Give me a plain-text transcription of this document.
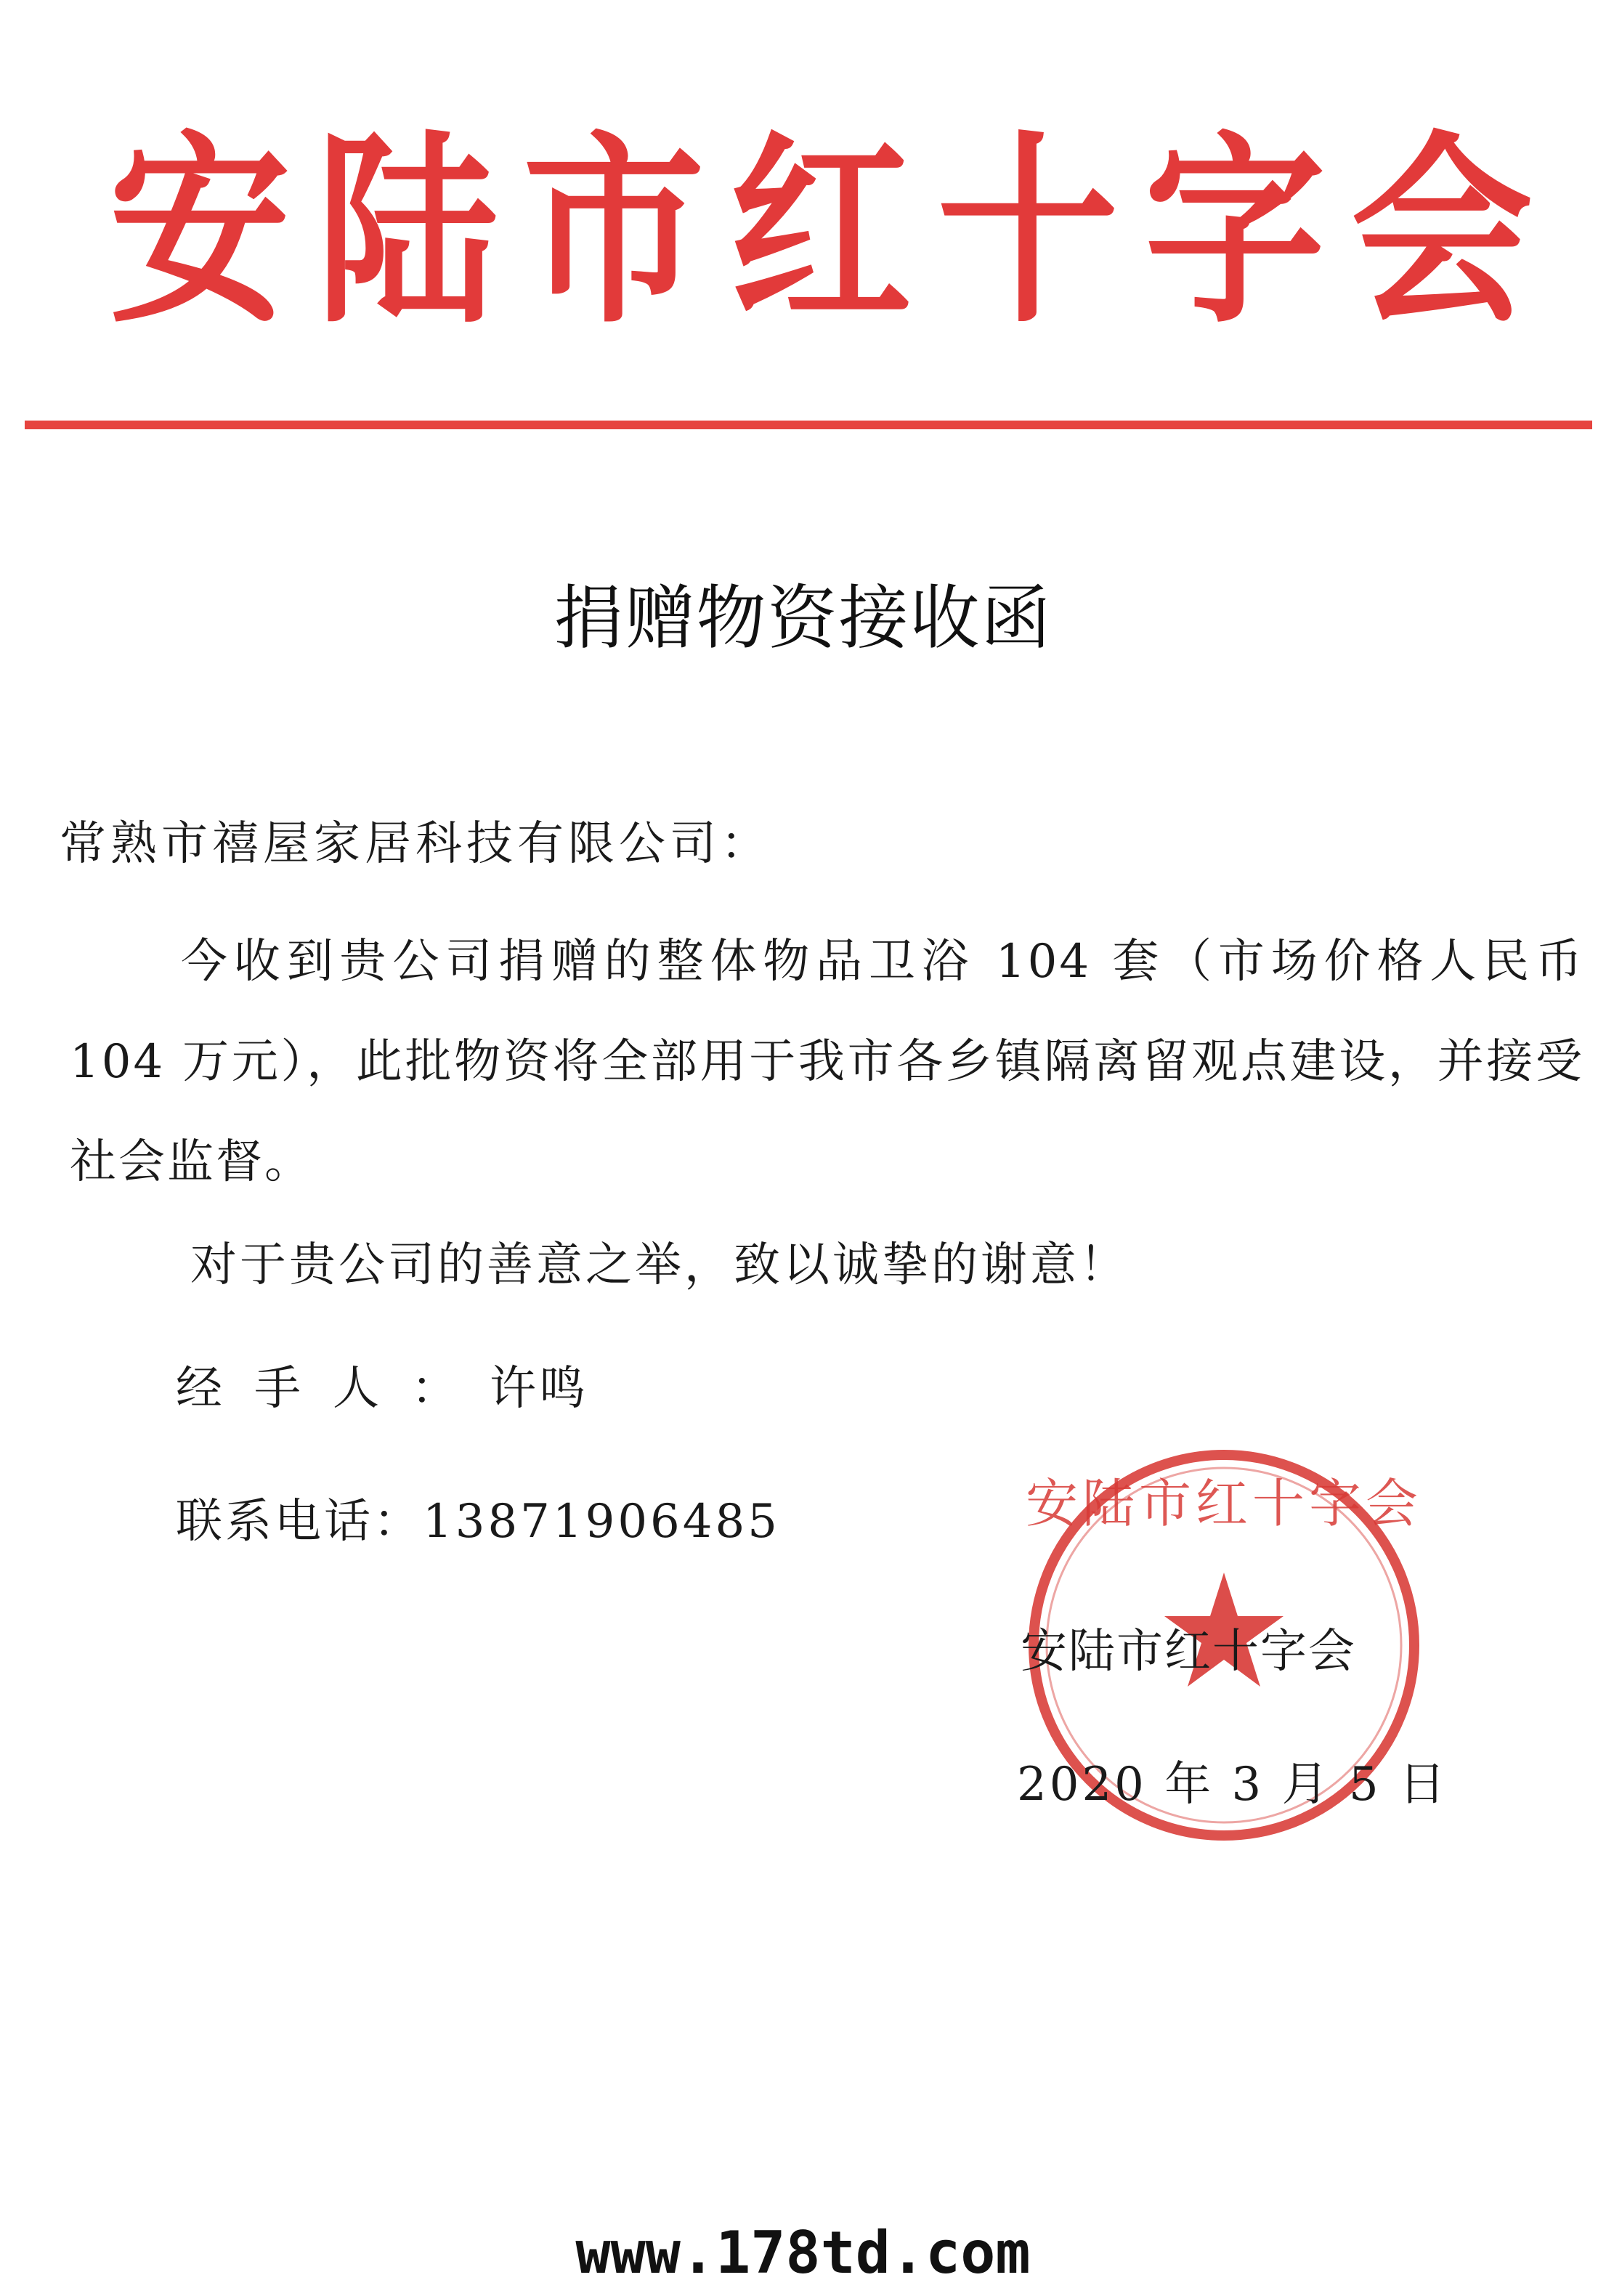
安 陆 市 红 十 字 会
捐赠物资接收函
常熟市禧屋家居科技有限公司：
今收到贵公司捐赠的整体物品卫浴 104 套（市场价格人民币 104 万元），此批物资将全部用于我市各乡镇隔离留观点建设，并接受社会监督。
对于贵公司的善意之举，致以诚挚的谢意！
经手人：许鸣
联系电话：13871906485	安陆市红十字会
安陆市红十字会
2020 年 3 月 5 日
www.178td.com
